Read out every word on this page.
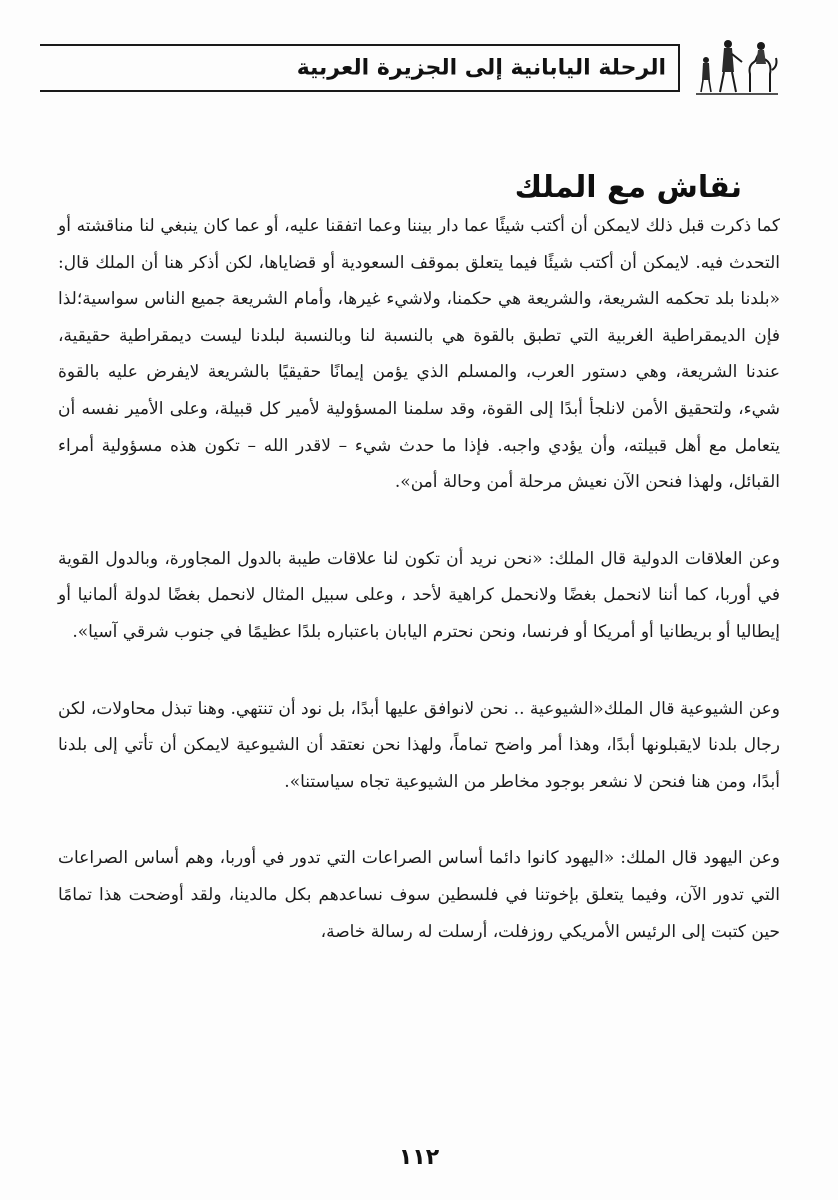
الرحلة اليابانية إلى الجزيرة العربية
نقاش مع الملك

كما ذكرت قبل ذلك لايمكن أن أكتب شيئًا عما دار بيننا وعما اتفقنا عليه، أو عما كان ينبغي لنا مناقشته أو التحدث فيه. لايمكن أن أكتب شيئًا فيما يتعلق بموقف السعودية أو قضاياها، لكن أذكر هنا أن الملك قال: «بلدنا بلد تحكمه الشريعة، والشريعة هي حكمنا، ولاشيء غيرها، وأمام الشريعة جميع الناس سواسية؛لذا فإن الديمقراطية الغربية التي تطبق بالقوة هي بالنسبة لنا وبالنسبة لبلدنا ليست ديمقراطية حقيقية، عندنا الشريعة، وهي دستور العرب، والمسلم الذي يؤمن إيمانًا حقيقيًا بالشريعة لايفرض عليه بالقوة شيء، ولتحقيق الأمن لانلجأ أبدًا إلى القوة، وقد سلمنا المسؤولية لأمير كل قبيلة، وعلى الأمير نفسه أن يتعامل مع أهل قبيلته، وأن يؤدي واجبه. فإذا ما حدث شيء – لاقدر الله – تكون هذه مسؤولية أمراء القبائل، ولهذا فنحن الآن نعيش مرحلة أمن وحالة أمن».

وعن العلاقات الدولية قال الملك: «نحن نريد أن تكون لنا علاقات طيبة بالدول المجاورة، وبالدول القوية في أوربا، كما أننا لانحمل بغضًا ولانحمل كراهية لأحد ، وعلى سبيل المثال لانحمل بغضًا لدولة ألمانيا أو إيطاليا أو بريطانيا أو أمريكا أو فرنسا، ونحن نحترم اليابان باعتباره بلدًا عظيمًا في جنوب شرقي آسيا».

وعن الشيوعية قال الملك«الشيوعية .. نحن لانوافق عليها أبدًا، بل نود أن تنتهي. وهنا تبذل محاولات، لكن رجال بلدنا لايقبلونها أبدًا، وهذا أمر واضح تماماً، ولهذا نحن نعتقد أن الشيوعية لايمكن أن تأتي إلى بلدنا أبدًا، ومن هنا فنحن لا نشعر بوجود مخاطر من الشيوعية تجاه سياستنا».

وعن اليهود قال الملك: «اليهود كانوا دائما أساس الصراعات التي تدور في أوربا، وهم أساس الصراعات التي تدور الآن، وفيما يتعلق بإخوتنا في فلسطين سوف نساعدهم بكل مالدينا، ولقد أوضحت هذا تمامًا حين كتبت إلى الرئيس الأمريكي روزفلت، أرسلت له رسالة خاصة،

١١٢
